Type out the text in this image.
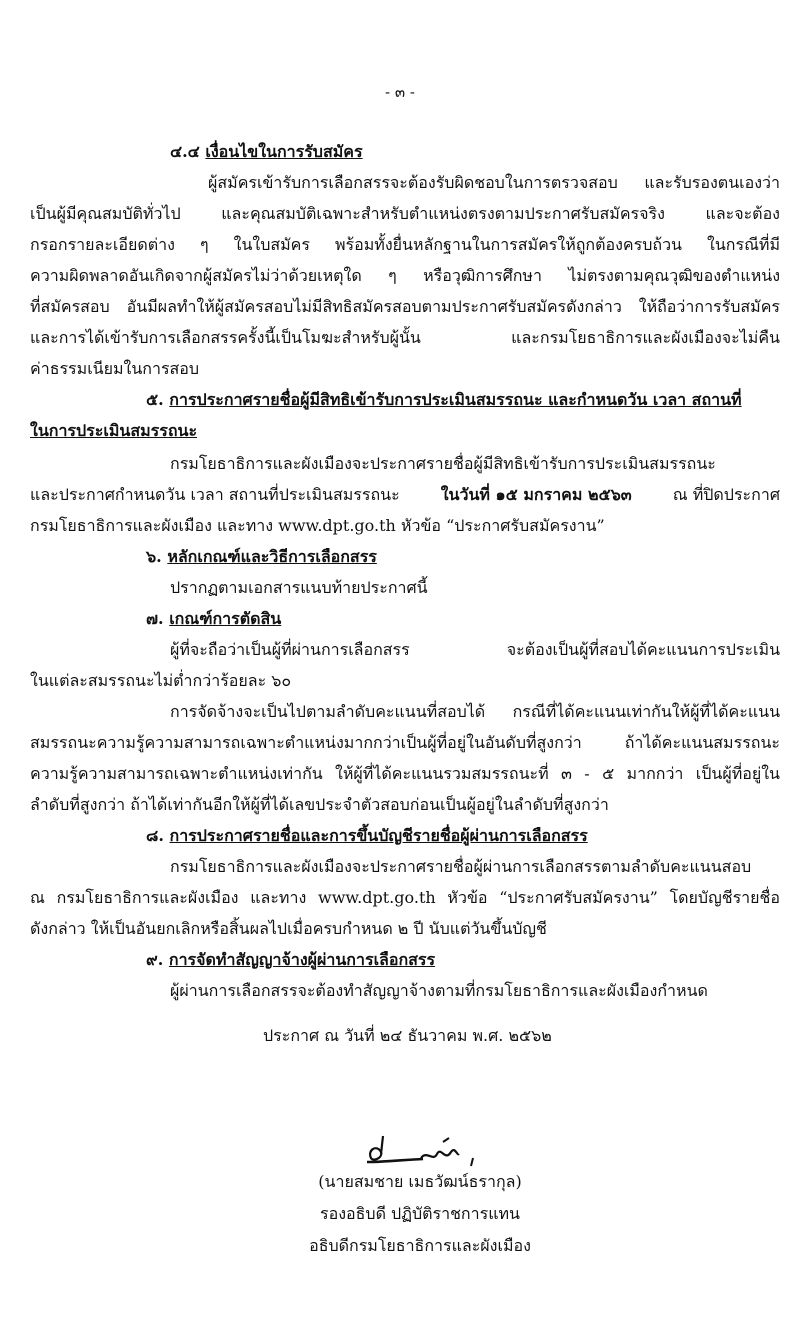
- ๓ -
๔.๔ เงื่อนไขในการรับสมัคร
ผู้สมัครเข้ารับการเลือกสรรจะต้องรับผิดชอบในการตรวจสอบ และรับรองตนเองว่า
เป็นผู้มีคุณสมบัติทั่วไป และคุณสมบัติเฉพาะสำหรับตำแหน่งตรงตามประกาศรับสมัครจริง และจะต้อง
กรอกรายละเอียดต่าง ๆ ในใบสมัคร พร้อมทั้งยื่นหลักฐานในการสมัครให้ถูกต้องครบถ้วน ในกรณีที่มี
ความผิดพลาดอันเกิดจากผู้สมัครไม่ว่าด้วยเหตุใด ๆ หรือวุฒิการศึกษา ไม่ตรงตามคุณวุฒิของตำแหน่ง
ที่สมัครสอบ อันมีผลทำให้ผู้สมัครสอบไม่มีสิทธิสมัครสอบตามประกาศรับสมัครดังกล่าว ให้ถือว่าการรับสมัคร
และการได้เข้ารับการเลือกสรรครั้งนี้เป็นโมฆะสำหรับผู้นั้น และกรมโยธาธิการและผังเมืองจะไม่คืน
ค่าธรรมเนียมในการสอบ
๕. การประกาศรายชื่อผู้มีสิทธิเข้ารับการประเมินสมรรถนะ และกำหนดวัน เวลา สถานที่
ในการประเมินสมรรถนะ
กรมโยธาธิการและผังเมืองจะประกาศรายชื่อผู้มีสิทธิเข้ารับการประเมินสมรรถนะ
และประกาศกำหนดวัน เวลา สถานที่ประเมินสมรรถนะ	ในวันที่ ๑๕ มกราคม ๒๕๖๓	ณ ที่ปิดประกาศ
กรมโยธาธิการและผังเมือง และทาง www.dpt.go.th หัวข้อ “ประกาศรับสมัครงาน”
๖. หลักเกณฑ์และวิธีการเลือกสรร
ปรากฏตามเอกสารแนบท้ายประกาศนี้
๗. เกณฑ์การตัดสิน
ผู้ที่จะถือว่าเป็นผู้ที่ผ่านการเลือกสรร จะต้องเป็นผู้ที่สอบได้คะแนนการประเมิน
ในแต่ละสมรรถนะไม่ต่ำกว่าร้อยละ ๖๐
การจัดจ้างจะเป็นไปตามลำดับคะแนนที่สอบได้ กรณีที่ได้คะแนนเท่ากันให้ผู้ที่ได้คะแนน
สมรรถนะความรู้ความสามารถเฉพาะตำแหน่งมากกว่าเป็นผู้ที่อยู่ในอันดับที่สูงกว่า ถ้าได้คะแนนสมรรถนะ
ความรู้ความสามารถเฉพาะตำแหน่งเท่ากัน ให้ผู้ที่ได้คะแนนรวมสมรรถนะที่ ๓ - ๕ มากกว่า เป็นผู้ที่อยู่ใน
ลำดับที่สูงกว่า ถ้าได้เท่ากันอีกให้ผู้ที่ได้เลขประจำตัวสอบก่อนเป็นผู้อยู่ในลำดับที่สูงกว่า
๘. การประกาศรายชื่อและการขึ้นบัญชีรายชื่อผู้ผ่านการเลือกสรร
กรมโยธาธิการและผังเมืองจะประกาศรายชื่อผู้ผ่านการเลือกสรรตามลำดับคะแนนสอบ
ณ กรมโยธาธิการและผังเมือง และทาง www.dpt.go.th หัวข้อ “ประกาศรับสมัครงาน” โดยบัญชีรายชื่อ
ดังกล่าว ให้เป็นอันยกเลิกหรือสิ้นผลไปเมื่อครบกำหนด ๒ ปี นับแต่วันขึ้นบัญชี
๙. การจัดทำสัญญาจ้างผู้ผ่านการเลือกสรร
ผู้ผ่านการเลือกสรรจะต้องทำสัญญาจ้างตามที่กรมโยธาธิการและผังเมืองกำหนด
ประกาศ ณ วันที่ ๒๔ ธันวาคม พ.ศ. ๒๕๖๒
(นายสมชาย เมธวัฒน์ธรากุล)
รองอธิบดี ปฏิบัติราชการแทน
อธิบดีกรมโยธาธิการและผังเมือง
